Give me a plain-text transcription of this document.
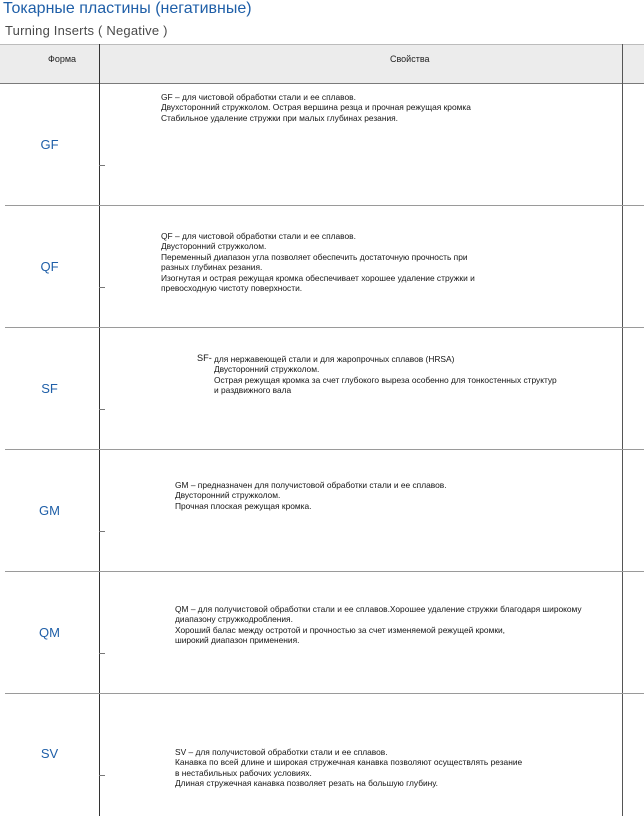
Токарные пластины (негативные)
Turning Inserts ( Negative )
Форма	Свойства
GF
GF – для чистовой обработки стали и ее сплавов.
Двухсторонний стружколом. Острая вершина резца и прочная режущая кромка
Стабильное удаление стружки при малых глубинах резания.
QF
QF – для чистовой обработки стали и ее сплавов.
Двусторонний стружколом.
Переменный диапазон угла позволяет обеспечить достаточную прочность при
разных глубинах резания.
Изогнутая и острая режущая кромка обеспечивает хорошее удаление стружки и
превосходную чистоту поверхности.
SF
SF- для нержавеющей стали и для жаропрочных сплавов (HRSA)
Двусторонний стружколом.
Острая режущая кромка за счет глубокого выреза особенно для тонкостенных структур
и раздвижного вала
GM
GM – предназначен для получистовой обработки стали и ее сплавов.
Двусторонний стружколом.
Прочная плоская режущая кромка.
QM
QM – для получистовой обработки стали и ее сплавов.Хорошее удаление стружки благодаря широкому
диапазону стружкодробления.
Хороший балас между остротой и прочностью за счет изменяемой режущей кромки,
широкий диапазон применения.
SV	SV – для получистовой обработки стали и ее сплавов.
Канавка по всей длине и широкая стружечная канавка позволяют осуществлять резание
в нестабильных рабочих условиях.
Длиная стружечная канавка позволяет резать на большую глубину.
